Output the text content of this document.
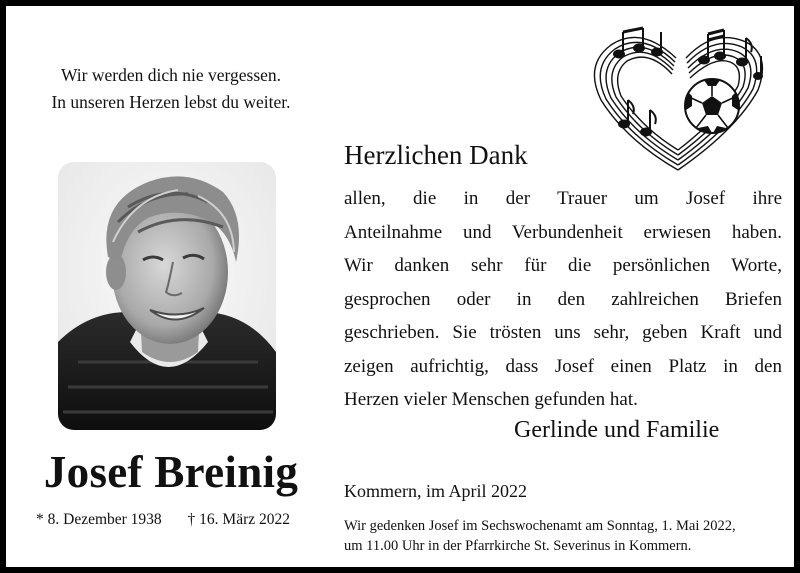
Wir werden dich nie vergessen.
In unseren Herzen lebst du weiter.
Josef Breinig
* 8. Dezember 1938 † 16. März 2022
Herzlichen Dank
allen, die in der Trauer um Josef ihre
Anteilnahme und Verbundenheit erwiesen haben.
Wir danken sehr für die persönlichen Worte,
gesprochen oder in den zahlreichen Briefen
geschrieben. Sie trösten uns sehr, geben Kraft und
zeigen aufrichtig, dass Josef einen Platz in den
Herzen vieler Menschen gefunden hat.
Gerlinde und Familie
Kommern, im April 2022
Wir gedenken Josef im Sechswochenamt am Sonntag, 1. Mai 2022,
um 11.00 Uhr in der Pfarrkirche St. Severinus in Kommern.
